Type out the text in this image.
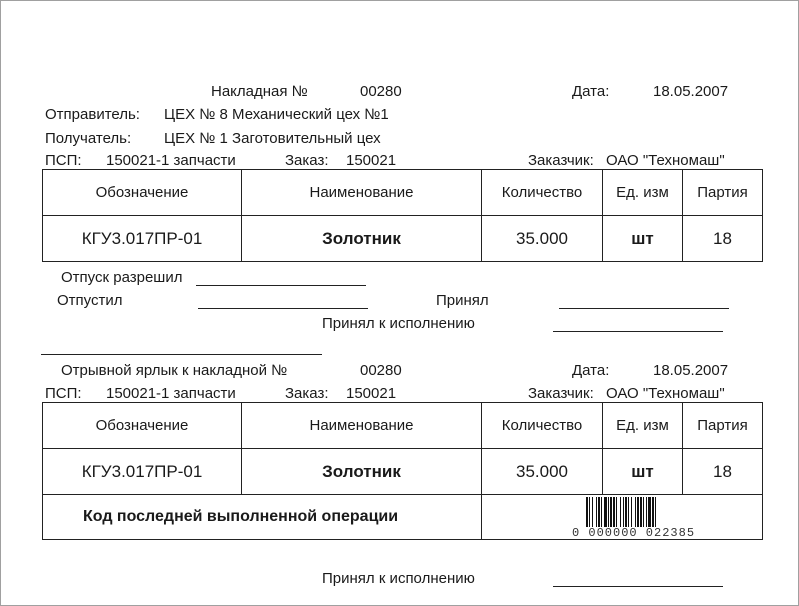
Накладная №	00280	Дата:	18.05.2007
Отправитель: ЦЕХ № 8 Механический цех №1
Получатель: ЦЕХ № 1 Заготовительный цех
ПСП: 150021-1 запчасти	Заказ: 150021	Заказчик: ОАО "Техномаш"
Обозначение	Наименование	Количество	Ед. изм	Партия
КГУ3.017ПР-01	Золотник	35.000	шт	18
Отпуск разрешил
Отпустил	Принял
Принял к исполнению
Отрывной ярлык к накладной №	00280	Дата:	18.05.2007
ПСП: 150021-1 запчасти	Заказ: 150021	Заказчик: ОАО "Техномаш"
Обозначение	Наименование	Количество	Ед. изм	Партия
КГУ3.017ПР-01	Золотник	35.000	шт	18
Код последней выполненной операции		0 000000 022385		
Принял к исполнению
